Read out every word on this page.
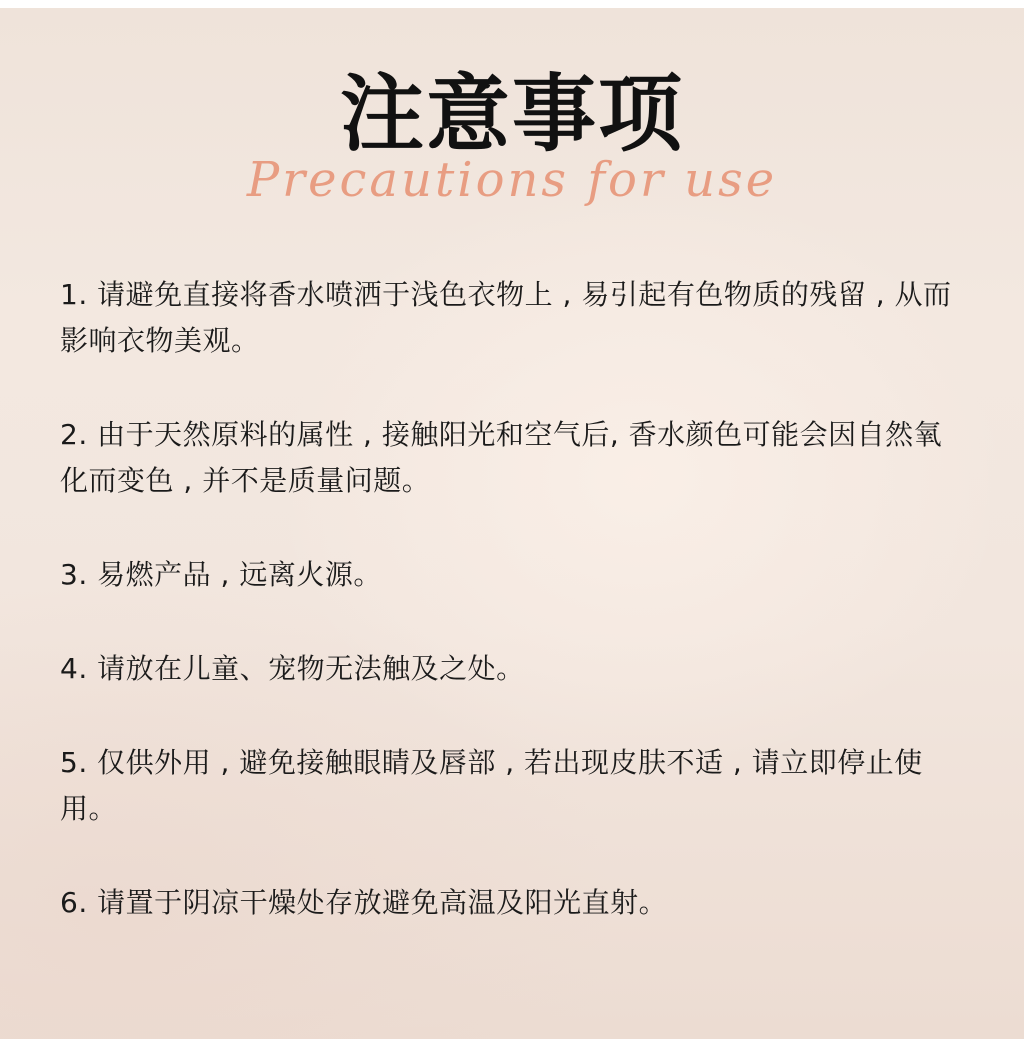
注意事项
Precautions for use
1. 请避免直接将香水喷洒于浅色衣物上 , 易引起有色物质的残留 , 从而影响衣物美观。
2. 由于天然原料的属性 , 接触阳光和空气后, 香水颜色可能会因自然氧化而变色 , 并不是质量问题。
3. 易燃产品 , 远离火源。
4. 请放在儿童、宠物无法触及之处。
5. 仅供外用 , 避免接触眼睛及唇部 , 若出现皮肤不适 , 请立即停止使用。
6. 请置于阴凉干燥处存放避免高温及阳光直射。
